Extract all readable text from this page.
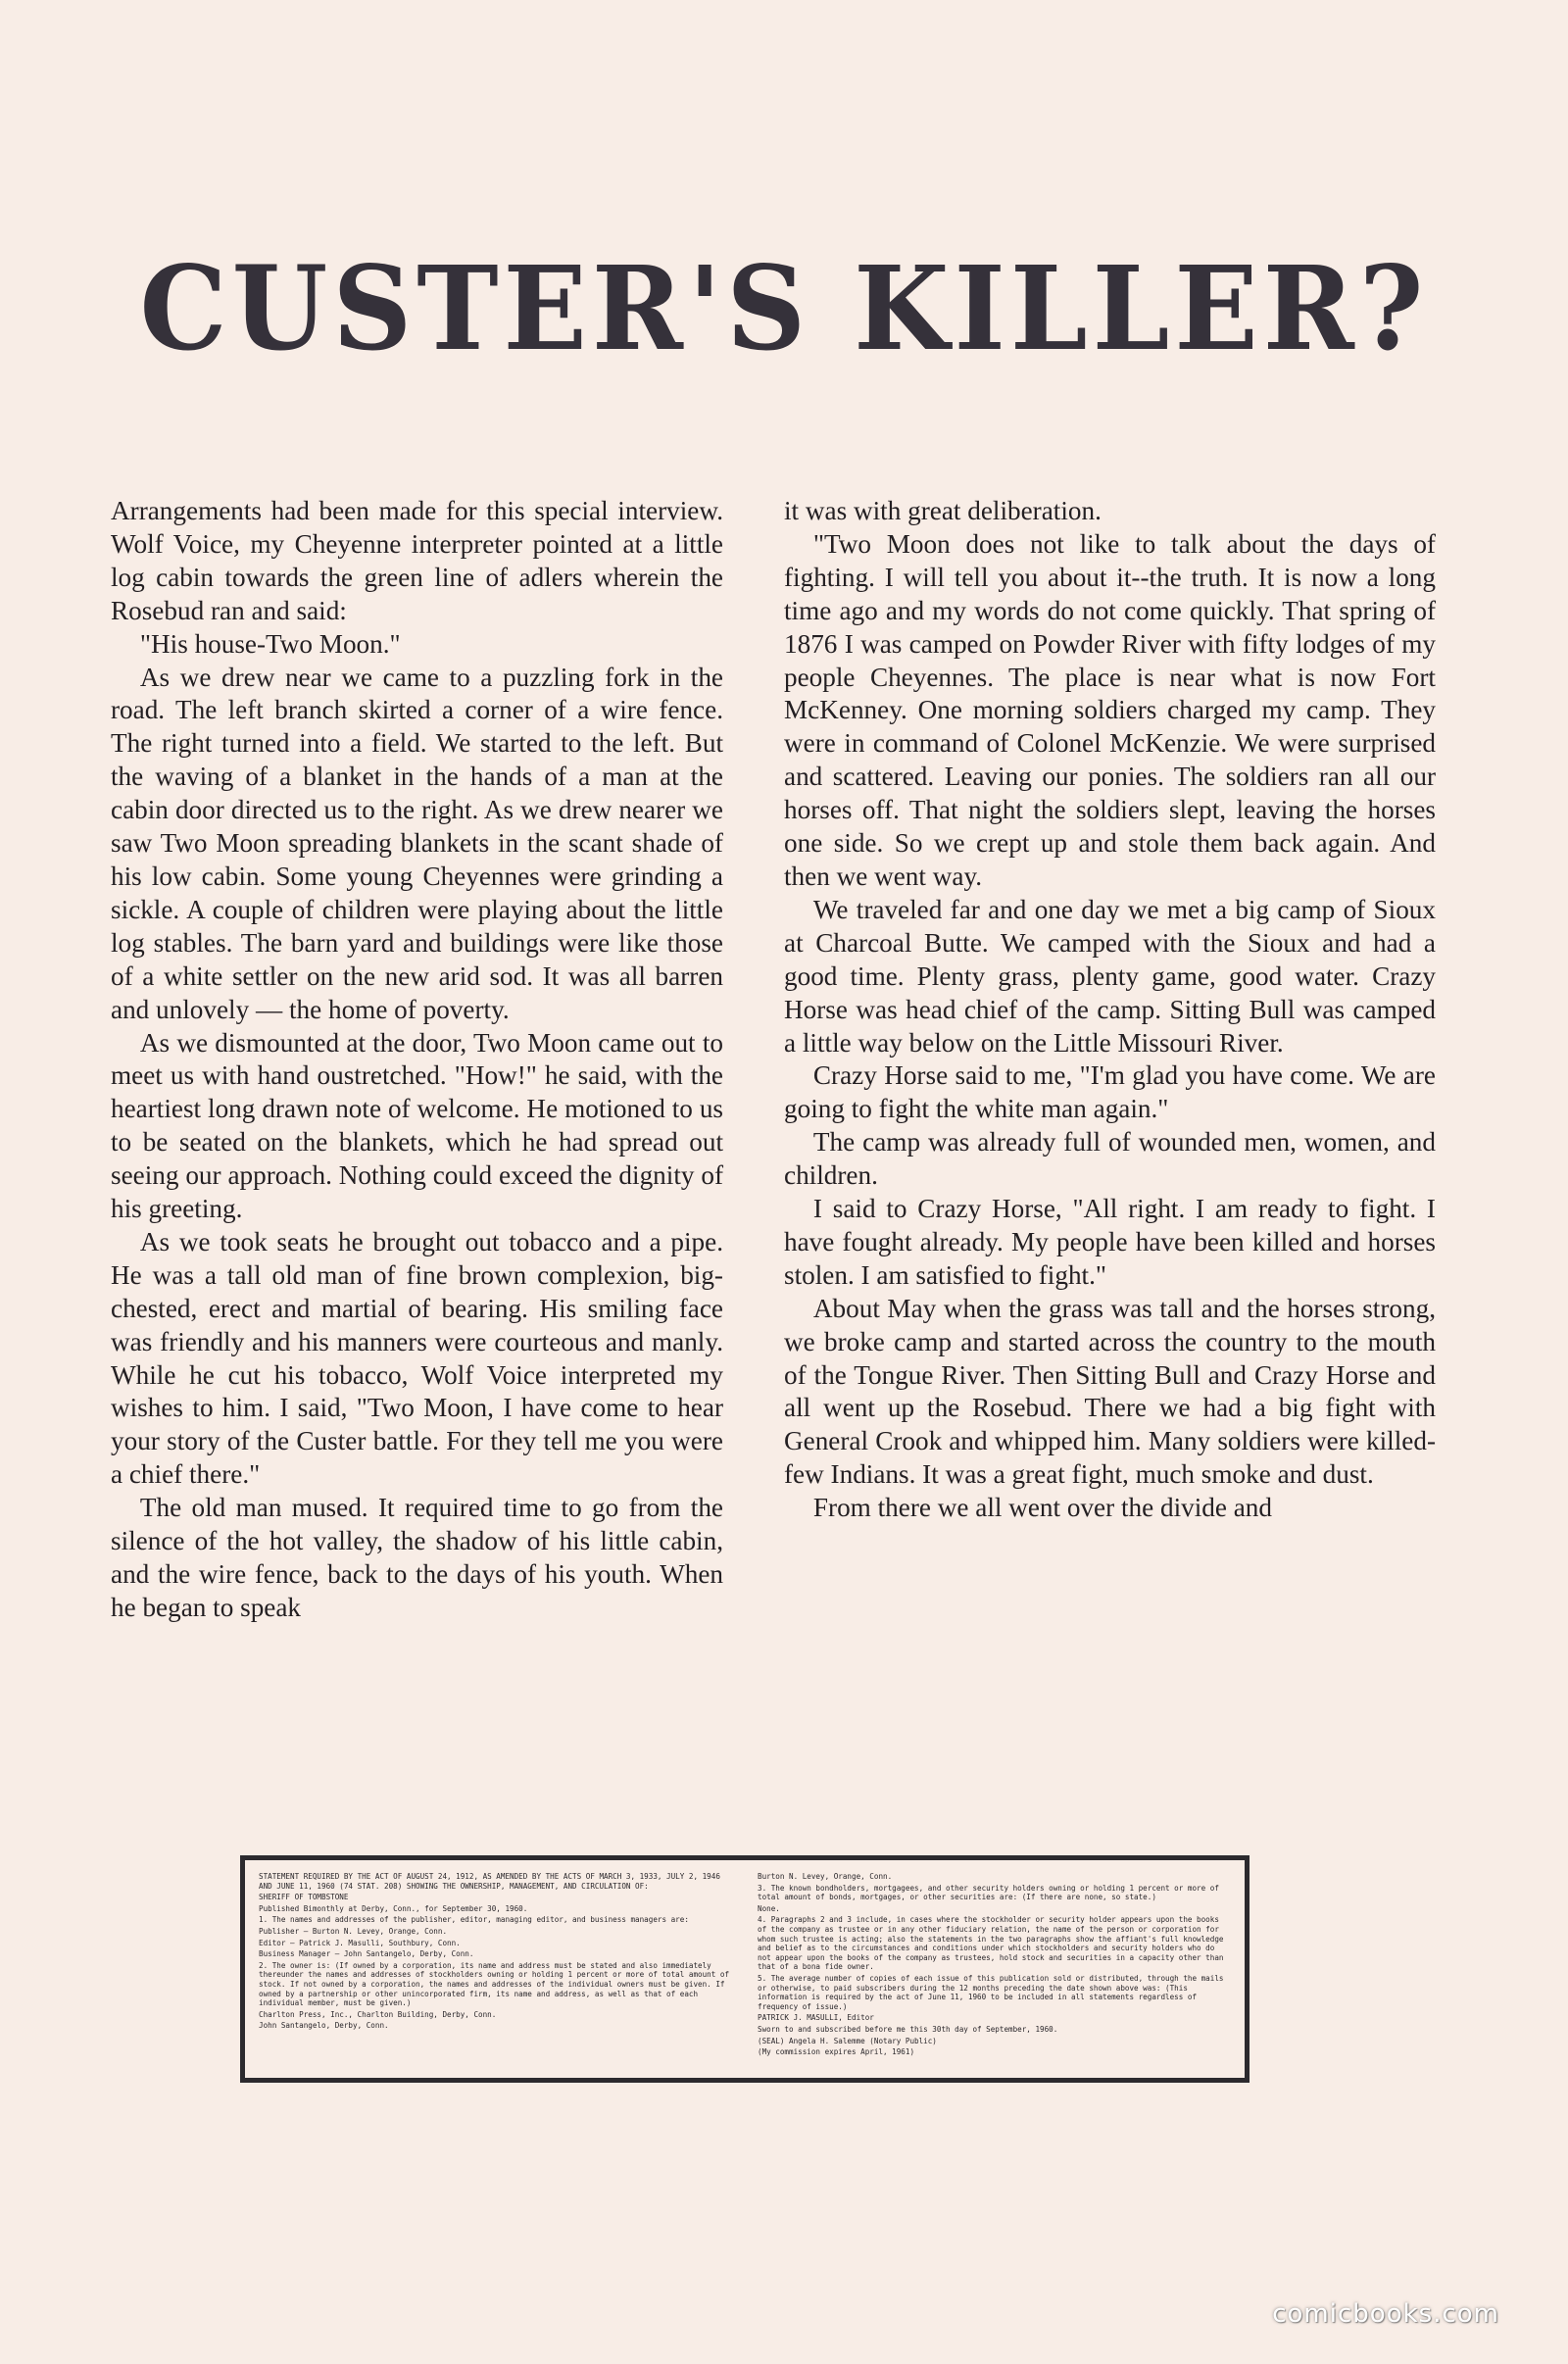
CUSTER'S KILLER?

Arrangements had been made for this special interview. Wolf Voice, my Cheyenne interpreter pointed at a little log cabin towards the green line of adlers wherein the Rosebud ran and said:

"His house-Two Moon."

As we drew near we came to a puzzling fork in the road. The left branch skirted a corner of a wire fence. The right turned into a field. We started to the left. But the waving of a blanket in the hands of a man at the cabin door directed us to the right. As we drew nearer we saw Two Moon spreading blankets in the scant shade of his low cabin. Some young Cheyennes were grinding a sickle. A couple of children were playing about the little log stables. The barn yard and buildings were like those of a white settler on the new arid sod. It was all barren and unlovely — the home of poverty.

As we dismounted at the door, Two Moon came out to meet us with hand oustretched. "How!" he said, with the heartiest long drawn note of welcome. He motioned to us to be seated on the blankets, which he had spread out seeing our approach. Nothing could exceed the dignity of his greeting.

As we took seats he brought out tobacco and a pipe. He was a tall old man of fine brown complexion, big-chested, erect and martial of bearing. His smiling face was friendly and his manners were courteous and manly. While he cut his tobacco, Wolf Voice interpreted my wishes to him. I said, "Two Moon, I have come to hear your story of the Custer battle. For they tell me you were a chief there."

The old man mused. It required time to go from the silence of the hot valley, the shadow of his little cabin, and the wire fence, back to the days of his youth. When he began to speak

it was with great deliberation.

"Two Moon does not like to talk about the days of fighting. I will tell you about it--the truth. It is now a long time ago and my words do not come quickly. That spring of 1876 I was camped on Powder River with fifty lodges of my people Cheyennes. The place is near what is now Fort McKenney. One morning soldiers charged my camp. They were in command of Colonel McKenzie. We were surprised and scattered. Leaving our ponies. The soldiers ran all our horses off. That night the soldiers slept, leaving the horses one side. So we crept up and stole them back again. And then we went way.

We traveled far and one day we met a big camp of Sioux at Charcoal Butte. We camped with the Sioux and had a good time. Plenty grass, plenty game, good water. Crazy Horse was head chief of the camp. Sitting Bull was camped a little way below on the Little Missouri River.

Crazy Horse said to me, "I'm glad you have come. We are going to fight the white man again."

The camp was already full of wounded men, women, and children.

I said to Crazy Horse, "All right. I am ready to fight. I have fought already. My people have been killed and horses stolen. I am satisfied to fight."

About May when the grass was tall and the horses strong, we broke camp and started across the country to the mouth of the Tongue River. Then Sitting Bull and Crazy Horse and all went up the Rosebud. There we had a big fight with General Crook and whipped him. Many soldiers were killed-few Indians. It was a great fight, much smoke and dust.

From there we all went over the divide and

STATEMENT REQUIRED BY THE ACT OF AUGUST 24, 1912, AS AMENDED BY THE ACTS OF MARCH 3, 1933, JULY 2, 1946 AND JUNE 11, 1960 (74 STAT. 208) SHOWING THE OWNERSHIP, MANAGEMENT, AND CIRCULATION OF:

SHERIFF OF TOMBSTONE

Published Bimonthly at Derby, Conn., for September 30, 1960.

1. The names and addresses of the publisher, editor, managing editor, and business managers are:

Publisher — Burton N. Levey, Orange, Conn.

Editor — Patrick J. Masulli, Southbury, Conn.

Business Manager — John Santangelo, Derby, Conn.

2. The owner is: (If owned by a corporation, its name and address must be stated and also immediately thereunder the names and addresses of stockholders owning or holding 1 percent or more of total amount of stock. If not owned by a corporation, the names and addresses of the individual owners must be given. If owned by a partnership or other unincorporated firm, its name and address, as well as that of each individual member, must be given.)

Charlton Press, Inc., Charlton Building, Derby, Conn.

John Santangelo, Derby, Conn.

Burton N. Levey, Orange, Conn.

3. The known bondholders, mortgagees, and other security holders owning or holding 1 percent or more of total amount of bonds, mortgages, or other securities are: (If there are none, so state.)

None.

4. Paragraphs 2 and 3 include, in cases where the stockholder or security holder appears upon the books of the company as trustee or in any other fiduciary relation, the name of the person or corporation for whom such trustee is acting; also the statements in the two paragraphs show the affiant's full knowledge and belief as to the circumstances and conditions under which stockholders and security holders who do not appear upon the books of the company as trustees, hold stock and securities in a capacity other than that of a bona fide owner.

5. The average number of copies of each issue of this publication sold or distributed, through the mails or otherwise, to paid subscribers during the 12 months preceding the date shown above was: (This information is required by the act of June 11, 1960 to be included in all statements regardless of frequency of issue.)

PATRICK J. MASULLI, Editor

Sworn to and subscribed before me this 30th day of September, 1960.

(SEAL) Angela H. Salemme (Notary Public)

(My commission expires April, 1961)

comicbooks.com
